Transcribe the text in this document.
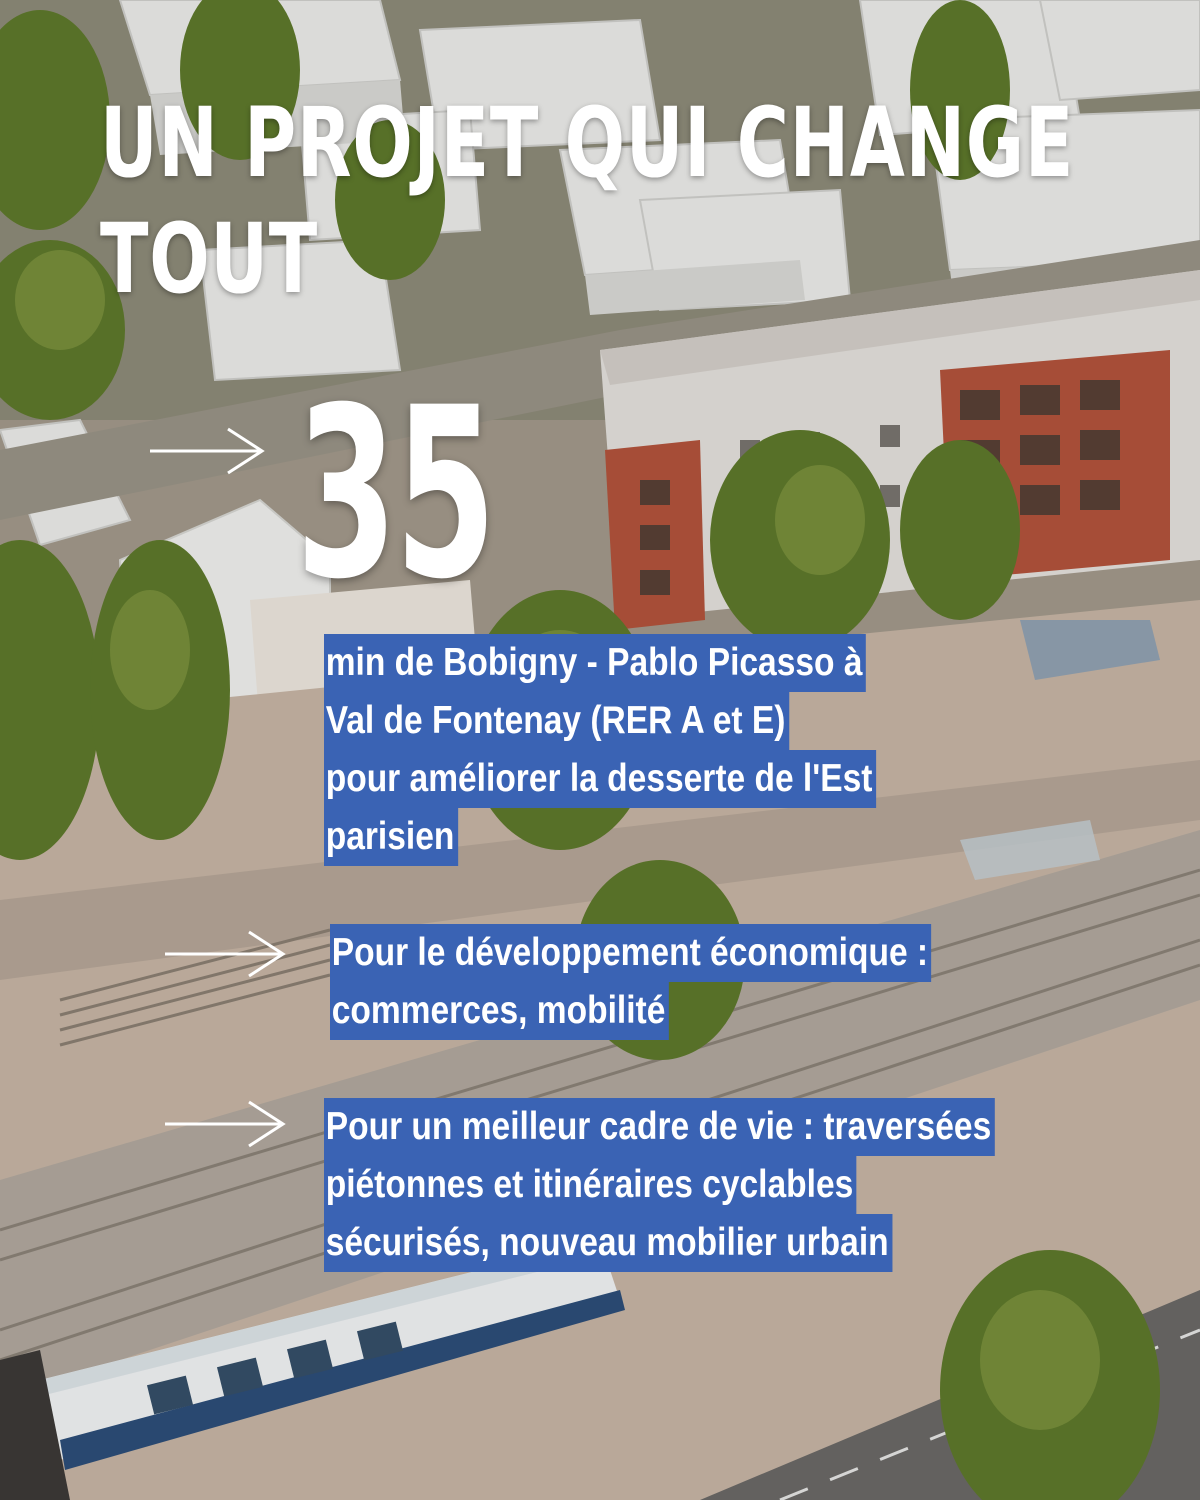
UN PROJET QUI CHANGE
TOUT
35
min de Bobigny - Pablo Picasso à
Val de Fontenay (RER A et E)
pour améliorer la desserte de l'Est
parisien
Pour le développement économique :
commerces, mobilité
Pour un meilleur cadre de vie : traversées
piétonnes et itinéraires cyclables
sécurisés, nouveau mobilier urbain
